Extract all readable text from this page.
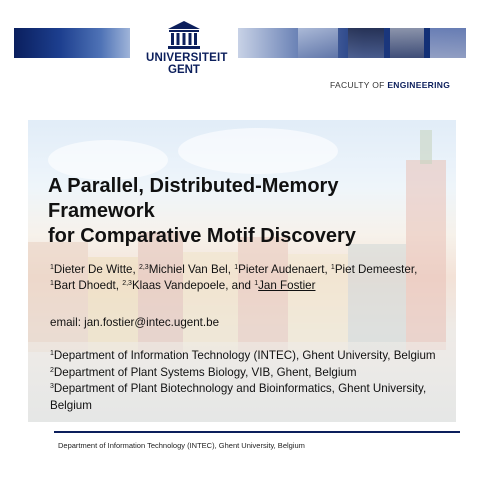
UNIVERSITEIT
GENT
FACULTY OF ENGINEERING
A Parallel, Distributed-Memory Framework
for Comparative Motif Discovery
$^1$Dieter De Witte, $^{2,3}$Michiel Van Bel, $^1$Pieter Audenaert, $^1$Piet Demeester,
$^1$Bart Dhoedt, $^{2,3}$Klaas Vandepoele, and $^1$Jan Fostier
email: jan.fostier@intec.ugent.be
$^1$Department of Information Technology (INTEC), Ghent University, Belgium
$^2$Department of Plant Systems Biology, VIB, Ghent, Belgium
$^3$Department of Plant Biotechnology and Bioinformatics, Ghent University, Belgium
Department of Information Technology (INTEC), Ghent University, Belgium
